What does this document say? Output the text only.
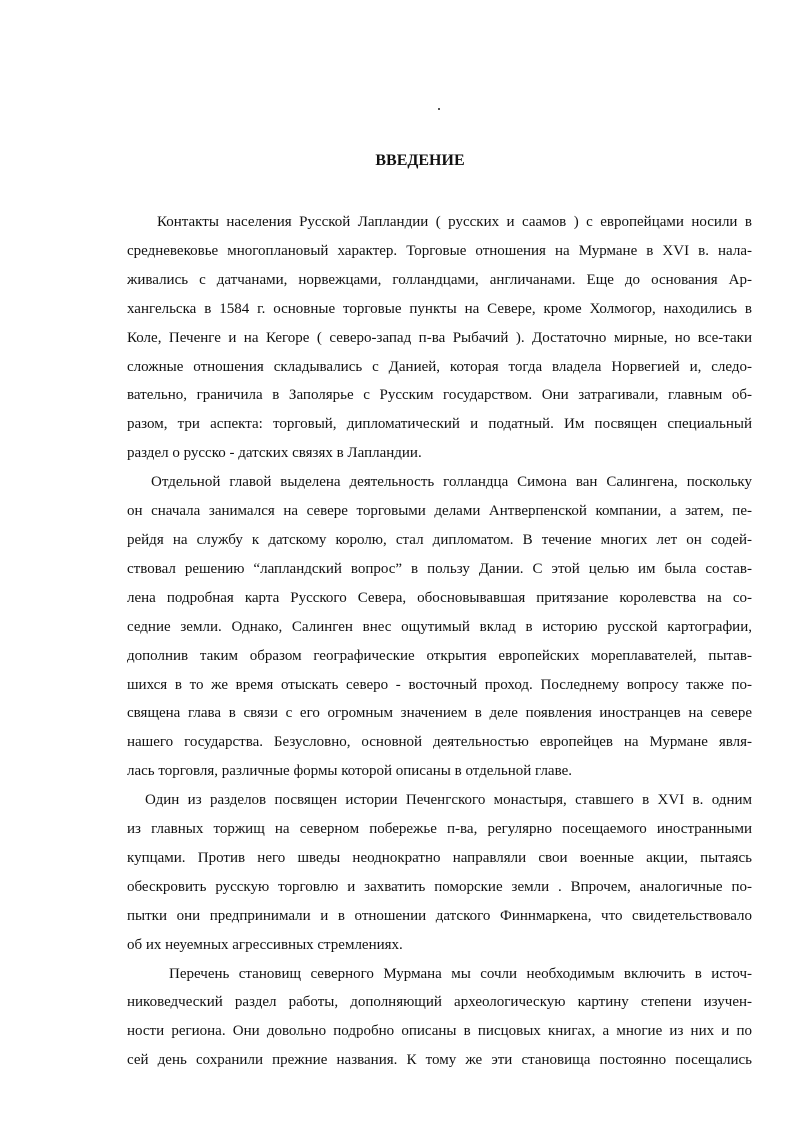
ВВЕДЕНИЕ

Контакты населения Русской Лапландии ( русских и саамов ) с европейцами носили в
средневековье многоплановый характер. Торговые отношения на Мурмане в XVI в. нала-
живались с датчанами, норвежцами, голландцами, англичанами. Еще до основания Ар-
хангельска в 1584 г. основные торговые пункты на Севере, кроме Холмогор, находились в
Коле, Печенге и на Кегоре ( северо-запад п-ва Рыбачий ). Достаточно мирные, но все-таки
сложные отношения складывались с Данией, которая тогда владела Норвегией и, следо-
вательно, граничила в Заполярье с Русским государством. Они затрагивали, главным об-
разом, три аспекта: торговый, дипломатический и податный. Им посвящен специальный
раздел о русско - датских связях в Лапландии.

Отдельной главой выделена деятельность голландца Симона ван Салингена, поскольку
он сначала занимался на севере торговыми делами Антверпенской компании, а затем, пе-
рейдя на службу к датскому королю, стал дипломатом. В течение многих лет он содей-
ствовал решению “лапландский вопрос” в пользу Дании. С этой целью им была состав-
лена подробная карта Русского Севера, обосновывавшая притязание королевства на со-
седние земли. Однако, Салинген внес ощутимый вклад в историю русской картографии,
дополнив таким образом географические открытия европейских мореплавателей, пытав-
шихся в то же время отыскать северо - восточный проход. Последнему вопросу также по-
священа глава в связи с его огромным значением в деле появления иностранцев на севере
нашего государства. Безусловно, основной деятельностью европейцев на Мурмане явля-
лась торговля, различные формы которой описаны в отдельной главе.

Один из разделов посвящен истории Печенгского монастыря, ставшего в XVI в. одним
из главных торжищ на северном побережье п-ва, регулярно посещаемого иностранными
купцами. Против него шведы неоднократно направляли свои военные акции, пытаясь
обескровить русскую торговлю и захватить поморские земли . Впрочем, аналогичные по-
пытки они предпринимали и в отношении датского Финнмаркена, что свидетельствовало
об их неуемных агрессивных стремлениях.

Перечень становищ северного Мурмана мы сочли необходимым включить в источ-
никоведческий раздел работы, дополняющий археологическую картину степени изучен-
ности региона. Они довольно подробно описаны в писцовых книгах, а многие из них и по
сей день сохранили прежние названия. К тому же эти становища постоянно посещались
